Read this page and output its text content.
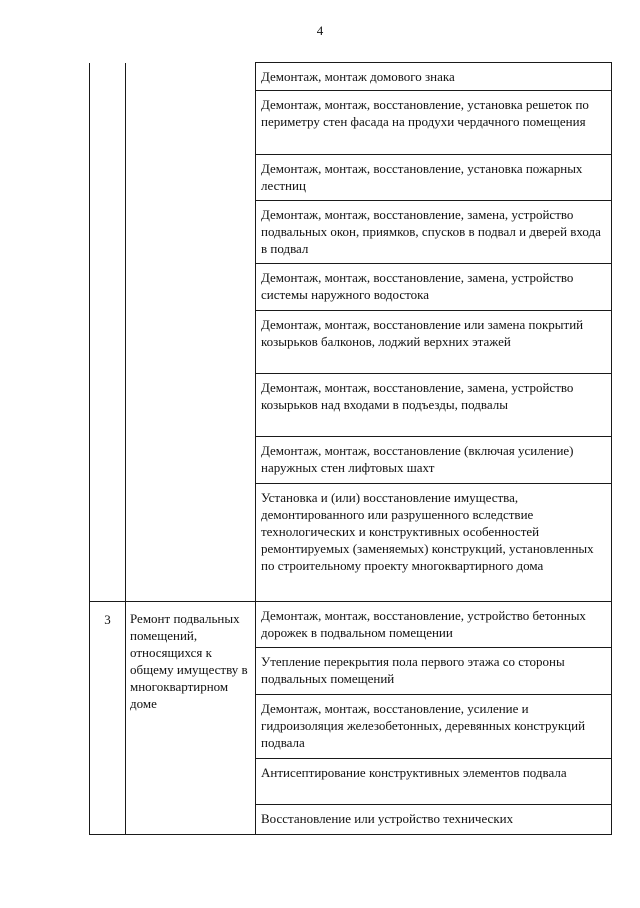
4
		Демонтаж, монтаж домового знака
		Демонтаж, монтаж, восстановление, установка решеток по периметру стен фасада на продухи чердачного помещения
		Демонтаж, монтаж, восстановление, установка пожарных лестниц
		Демонтаж, монтаж, восстановление, замена, устройство подвальных окон, приямков, спусков в подвал и дверей входа в подвал
		Демонтаж, монтаж, восстановление, замена, устройство системы наружного водостока
		Демонтаж, монтаж, восстановление или замена покрытий козырьков балконов, лоджий верхних этажей
		Демонтаж, монтаж, восстановление, замена, устройство козырьков над входами в подъезды, подвалы
		Демонтаж, монтаж, восстановление (включая усиление) наружных стен лифтовых шахт
		Установка и (или) восстановление имущества, демонтированного или разрушенного вследствие технологических и конструктивных особенностей ремонтируемых (заменяемых) конструкций, установленных по строительному проекту многоквартирного дома
3	Ремонт подвальных помещений, относящихся к общему имуществу в многоквартирном доме	Демонтаж, монтаж, восстановление, устройство бетонных дорожек в подвальном помещении
		Утепление перекрытия пола первого этажа со стороны подвальных помещений
		Демонтаж, монтаж, восстановление, усиление и гидроизоляция железобетонных, деревянных конструкций подвала
		Антисептирование конструктивных элементов подвала
		Восстановление или устройство технических
